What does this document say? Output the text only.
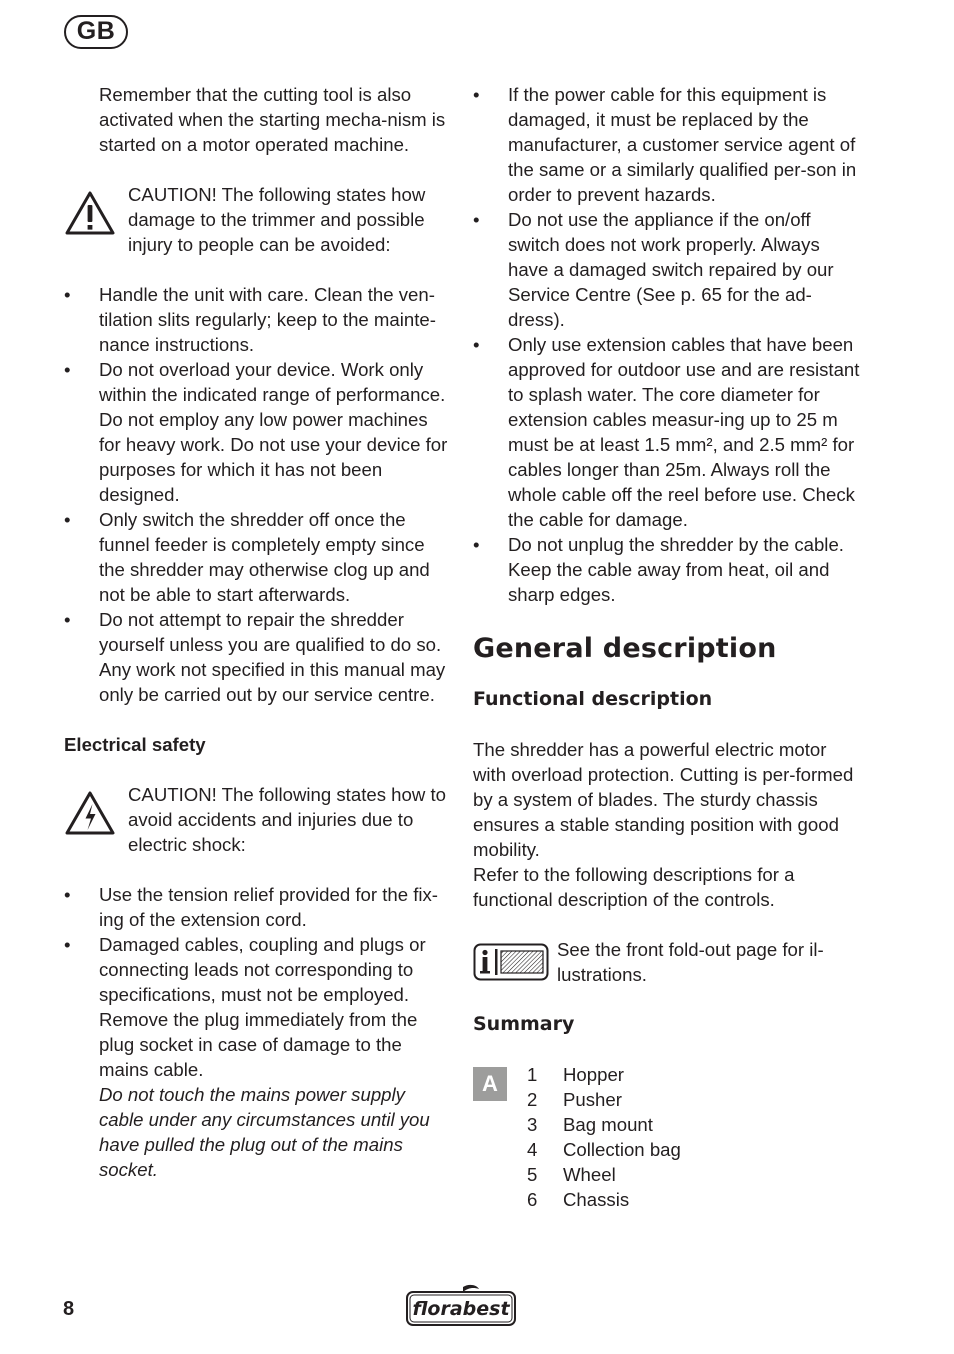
GB

Remember that the cutting tool is also activated when the starting mecha-nism is started on a motor operated machine.

CAUTION! The following states how damage to the trimmer and possible injury to people can be avoided:

• Handle the unit with care. Clean the ven-tilation slits regularly; keep to the mainte-nance instructions.
• Do not overload your device. Work only within the indicated range of performance. Do not employ any low power machines for heavy work. Do not use your device for purposes for which it has not been designed.
• Only switch the shredder off once the funnel feeder is completely empty since the shredder may otherwise clog up and not be able to start afterwards.
• Do not attempt to repair the shredder yourself unless you are qualified to do so. Any work not specified in this manual may only be carried out by our service centre.
Electrical safety

CAUTION! The following states how to avoid accidents and injuries due to electric shock:

• Use the tension relief provided for the fix-ing of the extension cord.
• Damaged cables, coupling and plugs or connecting leads not corresponding to specifications, must not be employed. Remove the plug immediately from the plug socket in case of damage to the mains cable.
Do not touch the mains power supply cable under any circumstances until you have pulled the plug out of the mains socket.
• If the power cable for this equipment is damaged, it must be replaced by the manufacturer, a customer service agent of the same or a similarly qualified per-son in order to prevent hazards.
• Do not use the appliance if the on/off switch does not work properly. Always have a damaged switch repaired by our Service Centre (See p. 65 for the ad-dress).
• Only use extension cables that have been approved for outdoor use and are resistant to splash water. The core diameter for extension cables measur-ing up to 25 m must be at least 1.5 mm², and 2.5 mm² for cables longer than 25m. Always roll the whole cable off the reel before use. Check the cable for damage.
• Do not unplug the shredder by the cable. Keep the cable away from heat, oil and sharp edges.
General description
Functional description

The shredder has a powerful electric motor with overload protection. Cutting is per-formed by a system of blades. The sturdy chassis ensures a stable standing position with good mobility.

Refer to the following descriptions for a functional description of the controls.

See the front fold-out page for il-lustrations.

Summary
A	1	Hopper
2	Pusher
3	Bag mount
4	Collection bag
5	Wheel
6	Chassis
8	florabest
